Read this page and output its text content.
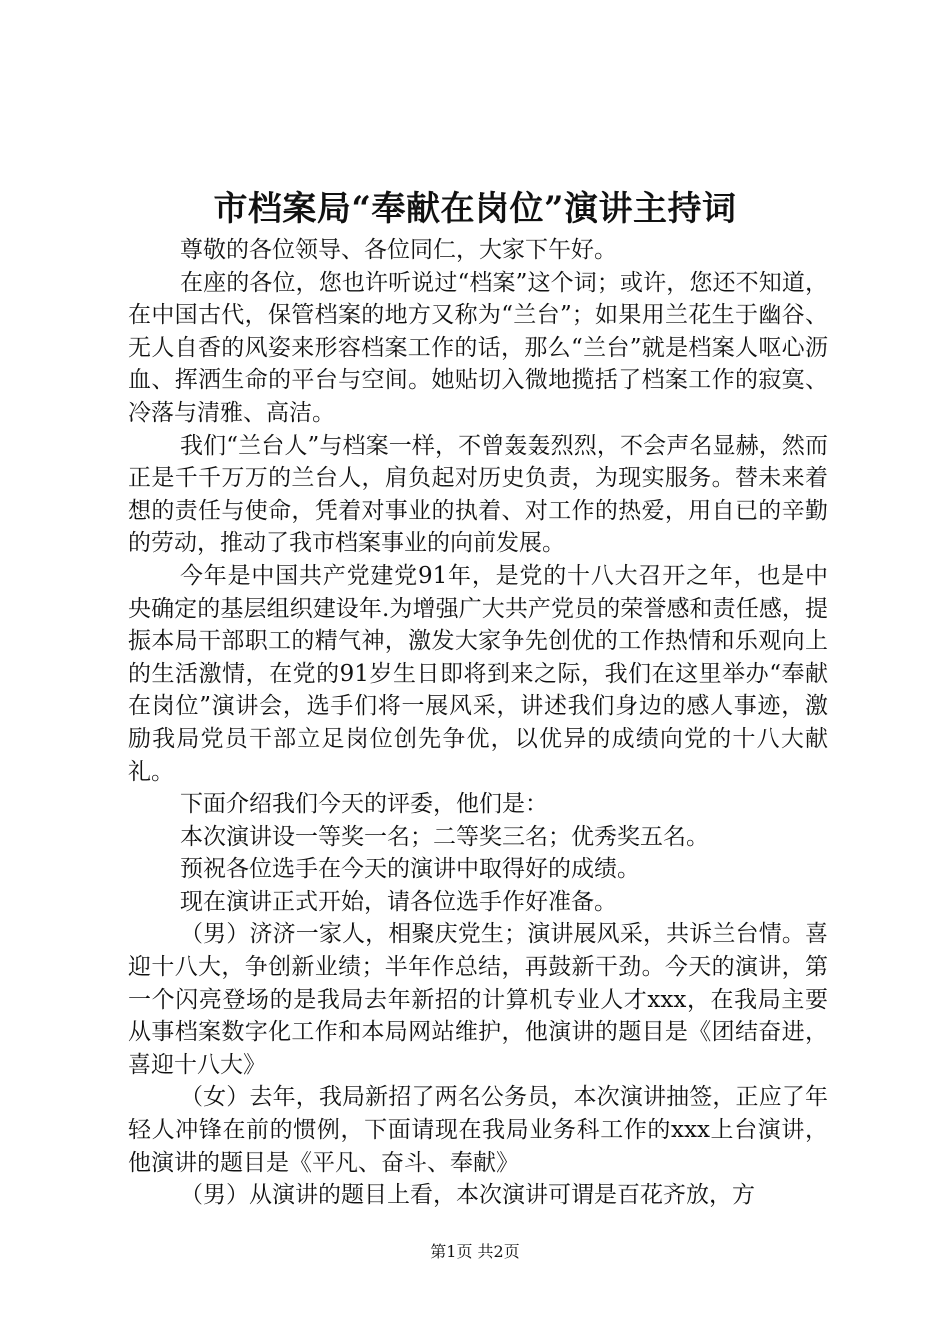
市档案局“奉献在岗位”演讲主持词

尊敬的各位领导、各位同仁，大家下午好。

在座的各位，您也许听说过“档案”这个词；或许，您还不知道，在中国古代，保管档案的地方又称为“兰台”；如果用兰花生于幽谷、无人自香的风姿来形容档案工作的话，那么“兰台”就是档案人呕心沥血、挥洒生命的平台与空间。她贴切入微地揽括了档案工作的寂寞、冷落与清雅、高洁。

我们“兰台人”与档案一样，不曾轰轰烈烈，不会声名显赫，然而正是千千万万的兰台人，肩负起对历史负责，为现实服务。替未来着想的责任与使命，凭着对事业的执着、对工作的热爱，用自已的辛勤的劳动，推动了我市档案事业的向前发展。

今年是中国共产党建党91年，是党的十八大召开之年，也是中央确定的基层组织建设年.为增强广大共产党员的荣誉感和责任感，提振本局干部职工的精气神，激发大家争先创优的工作热情和乐观向上的生活激情，在党的91岁生日即将到来之际，我们在这里举办“奉献在岗位”演讲会，选手们将一展风采，讲述我们身边的感人事迹，激励我局党员干部立足岗位创先争优，以优异的成绩向党的十八大献礼。

下面介绍我们今天的评委，他们是：

本次演讲设一等奖一名；二等奖三名；优秀奖五名。

预祝各位选手在今天的演讲中取得好的成绩。

现在演讲正式开始，请各位选手作好准备。

（男）济济一家人，相聚庆党生；演讲展风采，共诉兰台情。喜迎十八大，争创新业绩；半年作总结，再鼓新干劲。今天的演讲，第一个闪亮登场的是我局去年新招的计算机专业人才xxx，在我局主要从事档案数字化工作和本局网站维护，他演讲的题目是《团结奋进，喜迎十八大》

（女）去年，我局新招了两名公务员，本次演讲抽签，正应了年轻人冲锋在前的惯例，下面请现在我局业务科工作的xxx上台演讲，他演讲的题目是《平凡、奋斗、奉献》

（男）从演讲的题目上看，本次演讲可谓是百花齐放，方

第1页 共2页
